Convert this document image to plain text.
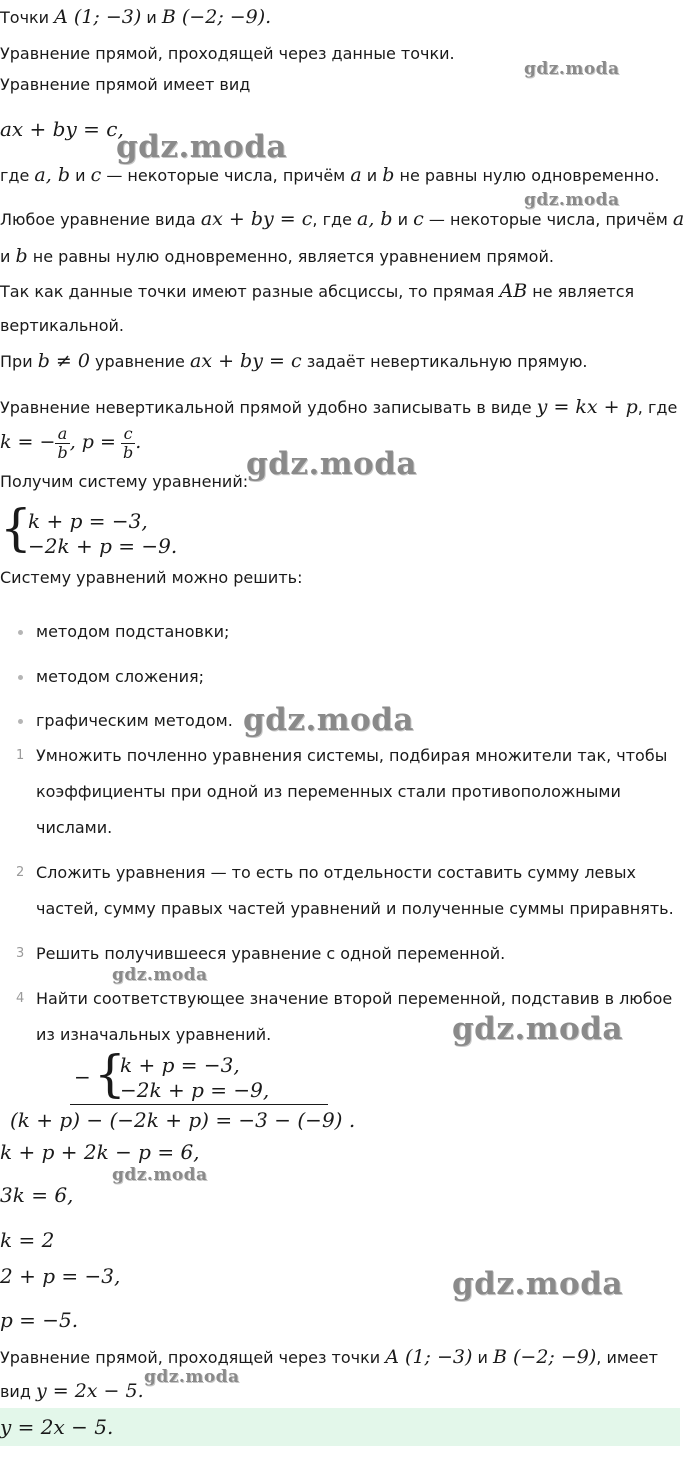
Точки A (1; −3) и B (−2; −9).
Уравнение прямой, проходящей через данные точки.
Уравнение прямой имеет вид
ax + by = c,
где a, b и c — некоторые числа, причём a и b не равны нулю одновременно.
Любое уравнение вида ax + by = c, где a, b и c — некоторые числа, причём a
и b не равны нулю одновременно, является уравнением прямой.
Так как данные точки имеют разные абсциссы, то прямая AB не является
вертикальной.
При b ≠ 0 уравнение ax + by = c задаёт невертикальную прямую.
Уравнение невертикальной прямой удобно записывать в виде y = kx + p, где
k = − $\frac{a}{b}$ , $p = \frac{c}{b}$ .
Получим систему уравнений:
{
k + p = −3,
−2k + p = −9.
Систему уравнений можно решить:
методом подстановки;
методом сложения;
графическим методом.
1 Умножить почленно уравнения системы, подбирая множители так, чтобы
коэффициенты при одной из переменных стали противоположными
числами.
2 Сложить уравнения — то есть по отдельности составить сумму левых
частей, сумму правых частей уравнений и полученные суммы приравнять.
3 Решить получившееся уравнение с одной переменной.
4 Найти соответствующее значение второй переменной, подставив в любое
из изначальных уравнений.
− {
k + p = −3,
−2k + p = −9,
(k + p) − (−2k + p) = −3 − (−9) .
k + p + 2k − p = 6,
3k = 6,
k = 2
2 + p = −3,
p = −5.
Уравнение прямой, проходящей через точки A (1; −3) и B (−2; −9), имеет
вид y = 2x − 5.
y = 2x − 5.
gdz.moda
gdz.moda
gdz.moda
gdz.moda
gdz.moda
gdz.moda
gdz.moda
gdz.moda
gdz.moda
gdz.moda
